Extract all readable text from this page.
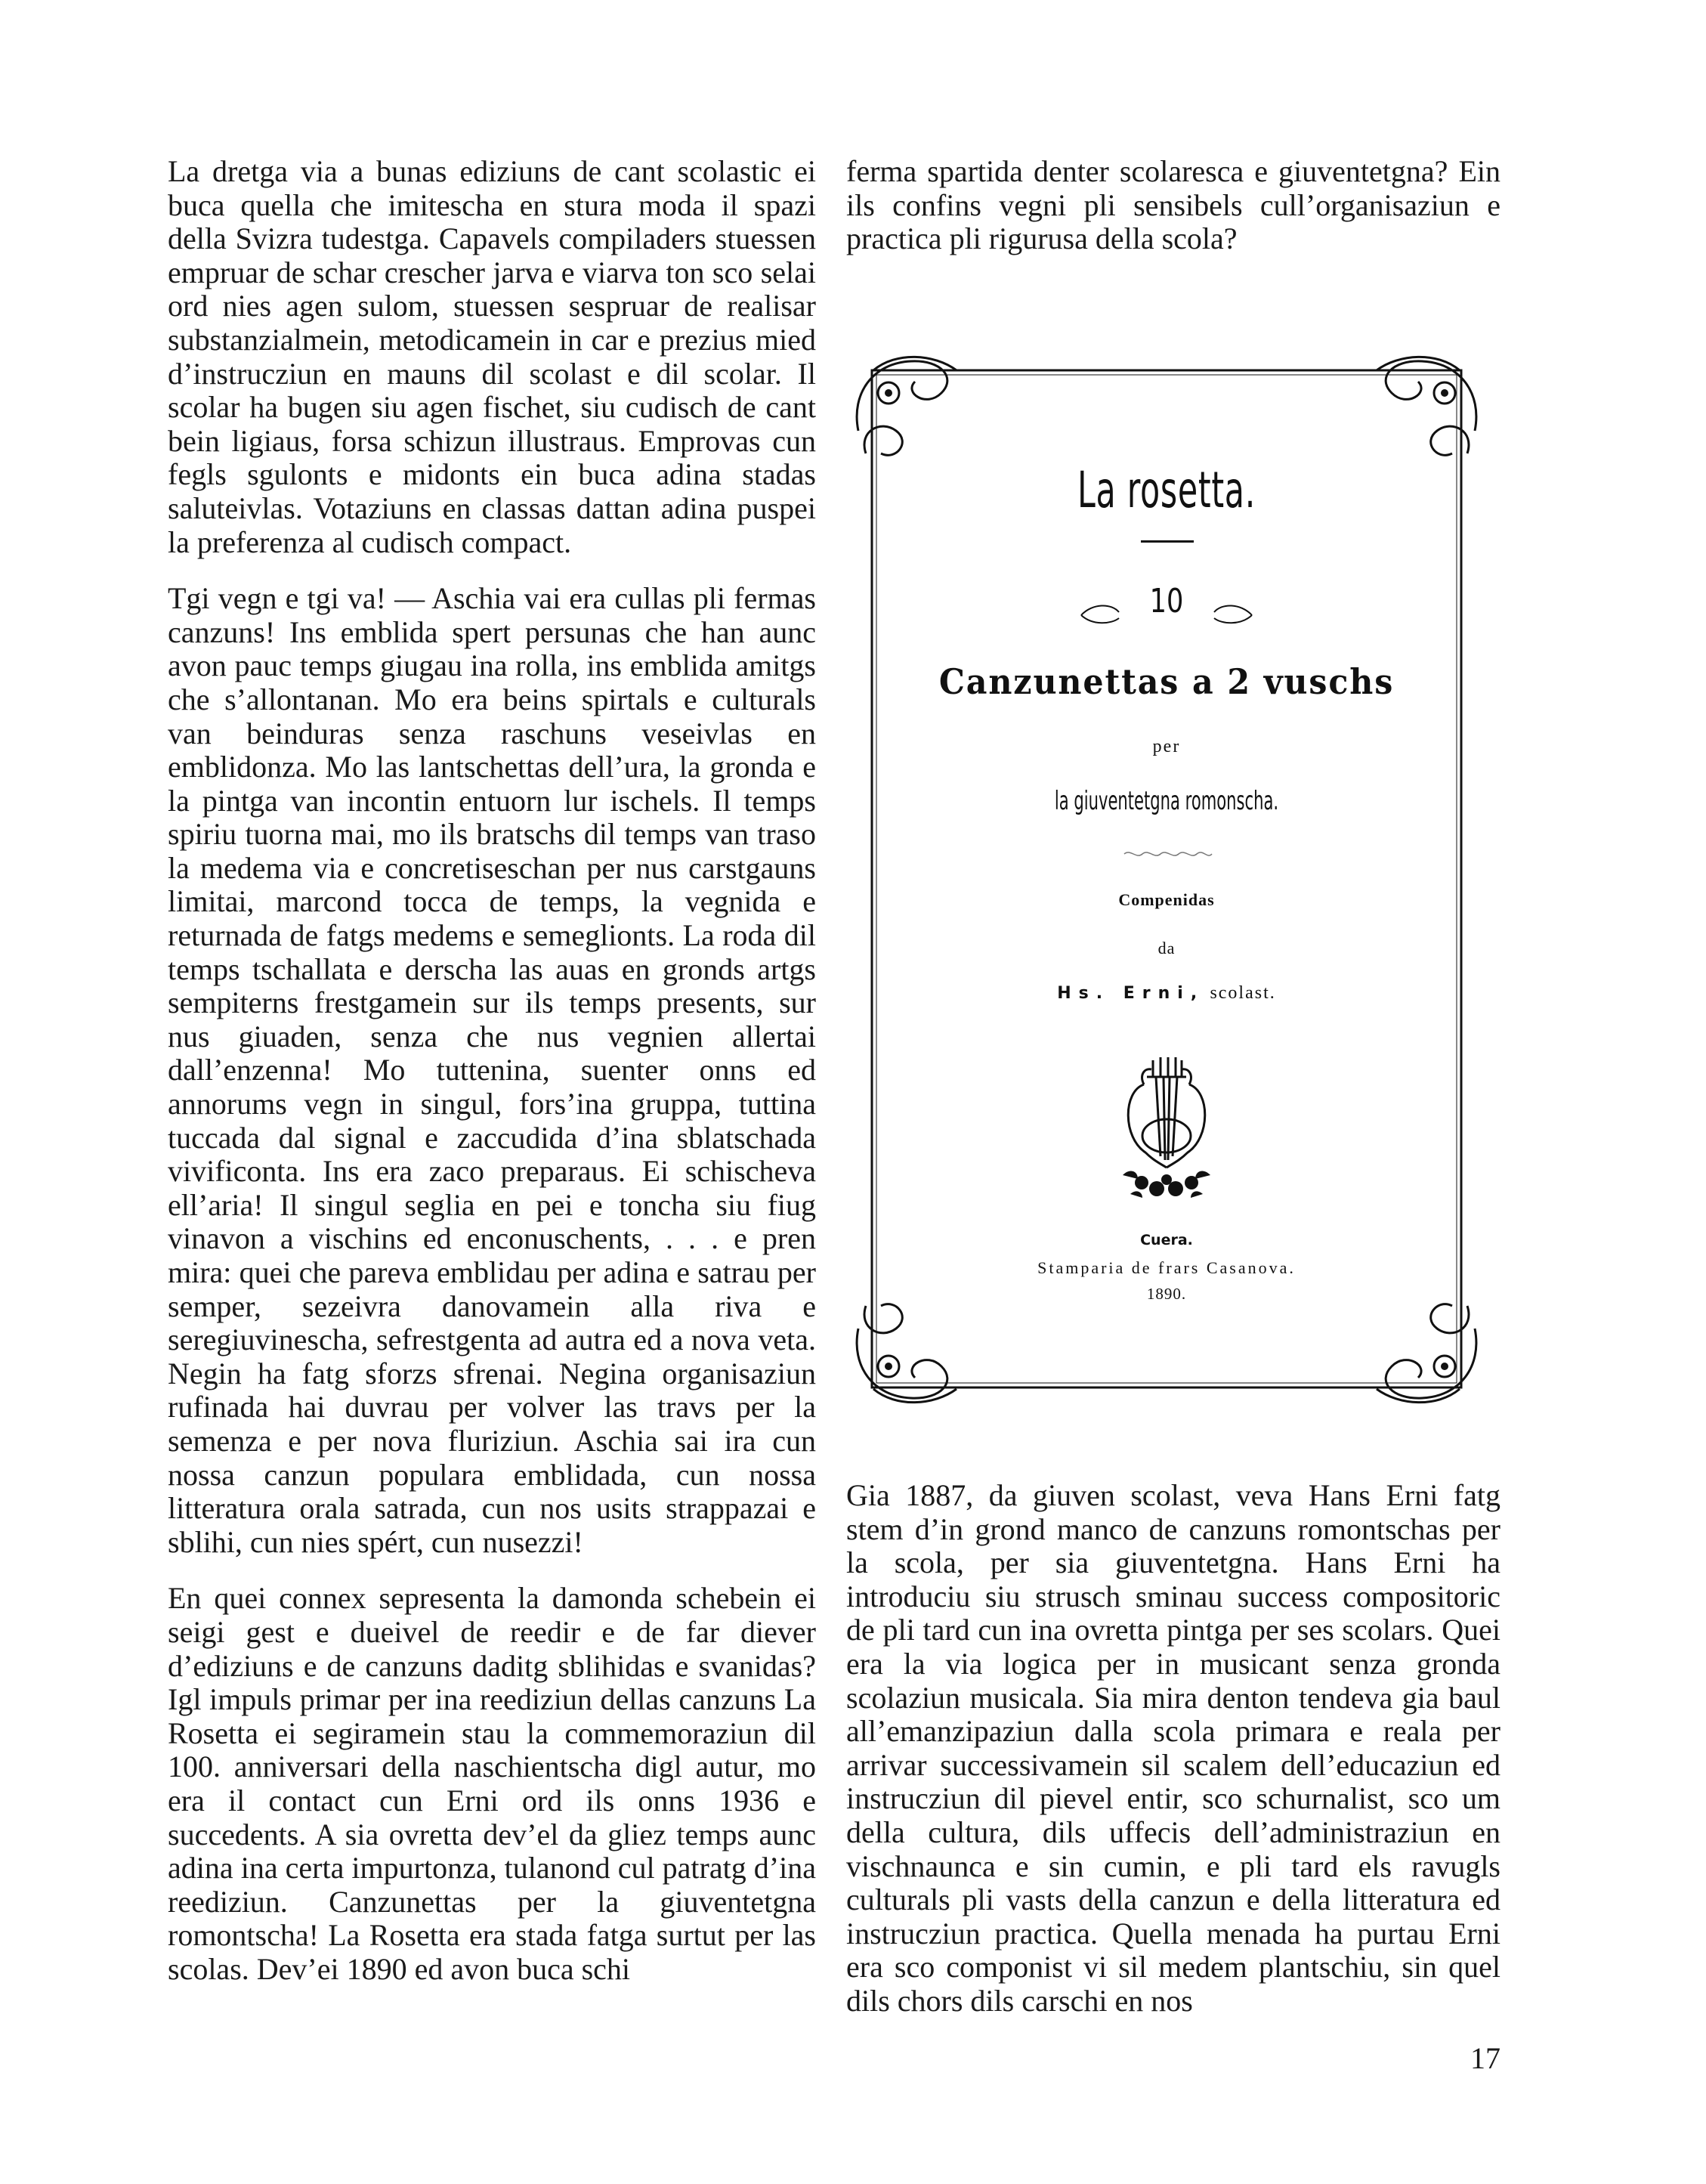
La dretga via a bunas ediziuns de cant scolastic ei buca quella che imitescha en stura moda il spazi della Svizra tudestga. Capavels compiladers stuessen empruar de schar crescher jarva e viarva ton sco selai ord nies agen sulom, stuessen sespruar de realisar substanzialmein, metodicamein in car e prezius mied d’instrucziun en mauns dil scolast e dil scolar. Il scolar ha bugen siu agen fischet, siu cudisch de cant bein ligiaus, forsa schizun illustraus. Emprovas cun fegls sgulonts e midonts ein buca adina stadas saluteivlas. Votaziuns en classas dattan adina puspei la preferenza al cudisch compact.

Tgi vegn e tgi va! — Aschia vai era cullas pli fermas canzuns! Ins emblida spert persunas che han aunc avon pauc temps giugau ina rolla, ins emblida amitgs che s’allontanan. Mo era beins spirtals e culturals van beinduras senza raschuns veseivlas en emblidonza. Mo las lantschettas dell’ura, la gronda e la pintga van incontin entuorn lur ischels. Il temps spiriu tuorna mai, mo ils bratschs dil temps van traso la medema via e concretiseschan per nus carstgauns limitai, marcond tocca de temps, la vegnida e returnada de fatgs medems e semeglionts. La roda dil temps tschallata e derscha las auas en gronds artgs sempiterns frestgamein sur ils temps presents, sur nus giuaden, senza che nus vegnien allertai dall’enzenna! Mo tuttenina, suenter onns ed annorums vegn in singul, fors’ina gruppa, tuttina tuccada dal signal e zaccudida d’ina sblatschada vivificonta. Ins era zaco preparaus. Ei schischeva ell’aria! Il singul seglia en pei e toncha siu fiug vinavon a vischins ed enconuschents, . . . e pren mira: quei che pareva emblidau per adina e satrau per semper, sezeivra danovamein alla riva e seregiuvinescha, sefrestgenta ad autra ed a nova veta. Negin ha fatg sforzs sfrenai. Negina organisaziun rufinada hai duvrau per volver las travs per la semenza e per nova fluriziun. Aschia sai ira cun nossa canzun populara emblidada, cun nossa litteratura orala satrada, cun nos usits strappazai e sblihi, cun nies spért, cun nusezzi!

En quei connex sepresenta la damonda schebein ei seigi gest e dueivel de reedir e de far diever d’ediziuns e de canzuns daditg sblihidas e svanidas? Igl impuls primar per ina reediziun dellas canzuns La Rosetta ei segiramein stau la commemoraziun dil 100. anniversari della naschientscha digl autur, mo era il contact cun Erni ord ils onns 1936 e succedents. A sia ovretta dev’el da gliez temps aunc adina ina certa impurtonza, tulanond cul patratg d’ina reediziun. Canzunettas per la giuventetgna romontscha! La Rosetta era stada fatga surtut per las scolas. Dev’ei 1890 ed avon buca schi

ferma spartida denter scolaresca e giuventetgna? Ein ils confins vegni pli sensibels cull’organisaziun e practica pli rigurusa della scola?

La rosetta.
10
Canzunettas a 2 vuschs
per
la giuventetgna romonscha.
Compenidas
da
Hs. Erni, scolast.
Cuera.
Stamparia de frars Casanova.
1890.

Gia 1887, da giuven scolast, veva Hans Erni fatg stem d’in grond manco de canzuns romontschas per la scola, per sia giuventetgna. Hans Erni ha introduciu siu strusch sminau success compositoric de pli tard cun ina ovretta pintga per ses scolars. Quei era la via logica per in musicant senza gronda scolaziun musicala. Sia mira denton tendeva gia baul all’emanzipaziun dalla scola primara e reala per arrivar successivamein sil scalem dell’educaziun ed instrucziun dil pievel entir, sco schurnalist, sco um della cultura, dils uffecis dell’administraziun en vischnaunca e sin cumin, e pli tard els ravugls culturals pli vasts della canzun e della litteratura ed instrucziun practica. Quella menada ha purtau Erni era sco componist vi sil medem plantschiu, sin quel dils chors dils carschi en nos

17
